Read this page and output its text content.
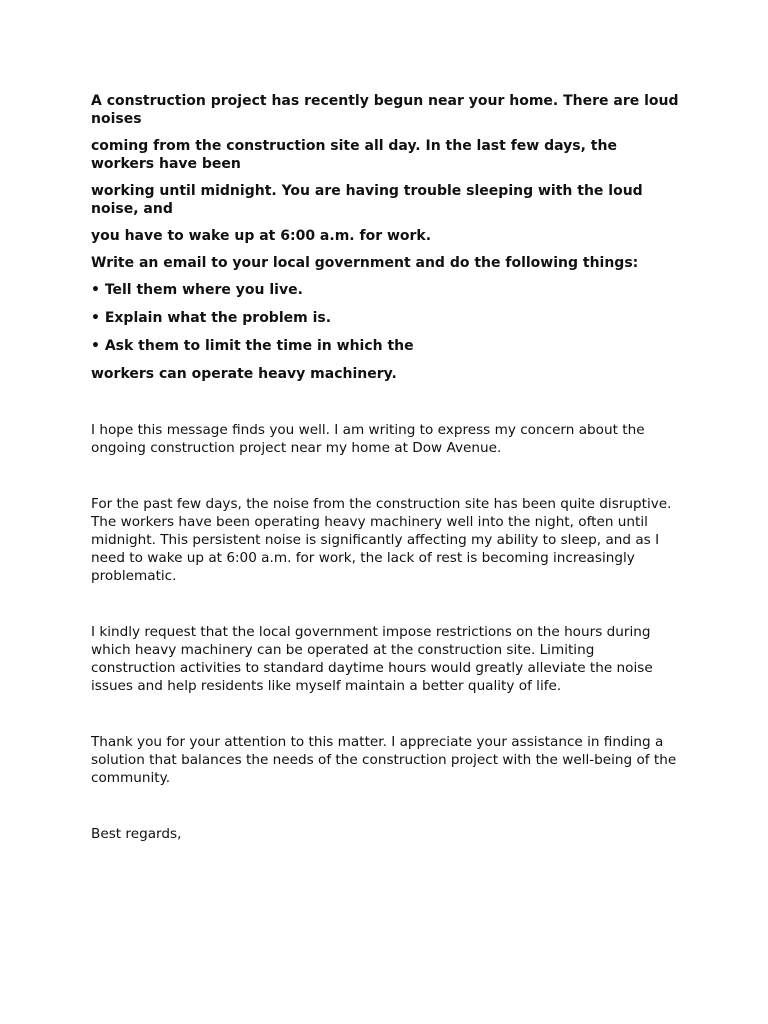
A construction project has recently begun near your home. There are loud noises

coming from the construction site all day. In the last few days, the workers have been

working until midnight. You are having trouble sleeping with the loud noise, and

you have to wake up at 6:00 a.m. for work.

Write an email to your local government and do the following things:

• Tell them where you live.

• Explain what the problem is.

• Ask them to limit the time in which the

workers can operate heavy machinery.

I hope this message finds you well. I am writing to express my concern about the ongoing construction project near my home at Dow Avenue.

For the past few days, the noise from the construction site has been quite disruptive. The workers have been operating heavy machinery well into the night, often until midnight. This persistent noise is significantly affecting my ability to sleep, and as I need to wake up at 6:00 a.m. for work, the lack of rest is becoming increasingly problematic.

I kindly request that the local government impose restrictions on the hours during which heavy machinery can be operated at the construction site. Limiting construction activities to standard daytime hours would greatly alleviate the noise issues and help residents like myself maintain a better quality of life.

Thank you for your attention to this matter. I appreciate your assistance in finding a solution that balances the needs of the construction project with the well-being of the community.

Best regards,
